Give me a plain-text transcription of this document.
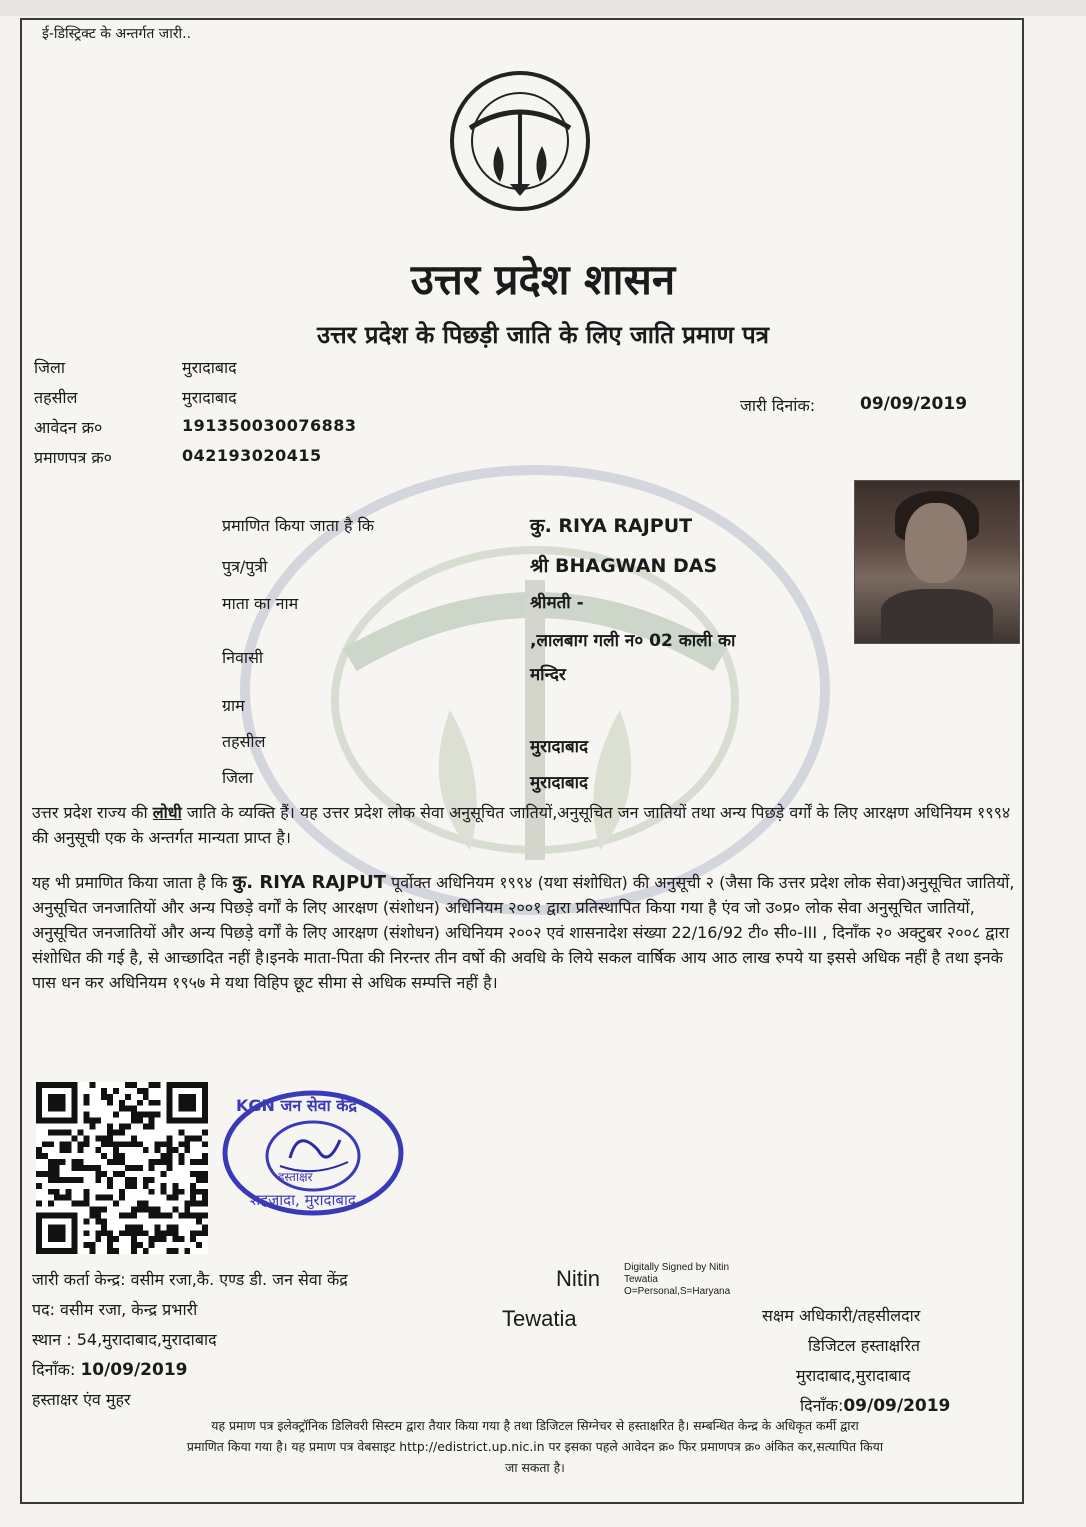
ई-डिस्ट्रिक्ट के अन्तर्गत जारी..
उत्तर प्रदेश शासन
उत्तर प्रदेश के पिछड़ी जाति के लिए जाति प्रमाण पत्र
जिला	मुरादाबाद
तहसील	मुरादाबाद
आवेदन क्र०	191350030076883
प्रमाणपत्र क्र०	042193020415
जारी दिनांक:	09/09/2019
प्रमाणित किया जाता है कि	कु. RIYA RAJPUT
पुत्र/पुत्री	श्री BHAGWAN DAS
माता का नाम	श्रीमती -
निवासी
,लालबाग गली न० 02 काली का
मन्दिर
ग्राम
तहसील	मुरादाबाद
जिला	मुरादाबाद
उत्तर प्रदेश राज्य की लोधी जाति के व्यक्ति हैं। यह उत्तर प्रदेश लोक सेवा अनुसूचित जातियों,अनुसूचित जन जातियों तथा अन्य पिछड़े वर्गों के लिए आरक्षण अधिनियम १९९४ की अनुसूची एक के अन्तर्गत मान्यता प्राप्त है।
यह भी प्रमाणित किया जाता है कि कु. RIYA RAJPUT पूर्वोक्त अधिनियम १९९४ (यथा संशोधित) की अनुसूची २ (जैसा कि उत्तर प्रदेश लोक सेवा)अनुसूचित जातियों, अनुसूचित जनजातियों और अन्य पिछड़े वर्गों के लिए आरक्षण (संशोधन) अधिनियम २००१ द्वारा प्रतिस्थापित किया गया है एंव जो उ०प्र० लोक सेवा अनुसूचित जातियों, अनुसूचित जनजातियों और अन्य पिछड़े वर्गों के लिए आरक्षण (संशोधन) अधिनियम २००२ एवं शासनादेश संख्या 22/16/92 टी० सी०-III , दिनाँक २० अक्टुबर २००८ द्वारा संशोधित की गई है, से आच्छादित नहीं है।इनके माता-पिता की निरन्तर तीन वर्षो की अवधि के लिये सकल वार्षिक आय आठ लाख रुपये या इससे अधिक नहीं है तथा इनके पास धन कर अधिनियम १९५७ मे यथा विहिप छूट सीमा से अधिक सम्पत्ति नहीं है।
KGN जन सेवा केंद्र
हस्ताक्षर
शहजादा, मुरादाबाद
जारी कर्ता केन्द्र: वसीम रजा,कै. एण्ड डी. जन सेवा केंद्र
पद: वसीम रजा, केन्द्र प्रभारी
स्थान : 54,मुरादाबाद,मुरादाबाद
दिनाँक: 10/09/2019
हस्ताक्षर एंव मुहर
Nitin
Tewatia
Digitally Signed by Nitin
Tewatia
O=Personal,S=Haryana
सक्षम अधिकारी/तहसीलदार
डिजिटल हस्ताक्षरित
मुरादाबाद,मुरादाबाद
दिनाँक:09/09/2019
यह प्रमाण पत्र इलेक्ट्रॉनिक डिलिवरी सिस्टम द्वारा तैयार किया गया है तथा डिजिटल सिग्नेचर से हस्ताक्षरित है। सम्बन्धित केन्द्र के अधिकृत कर्मी द्वारा
प्रमाणित किया गया है। यह प्रमाण पत्र वेबसाइट http://edistrict.up.nic.in पर इसका पहले आवेदन क्र० फिर प्रमाणपत्र क्र० अंकित कर,सत्यापित किया
जा सकता है।
